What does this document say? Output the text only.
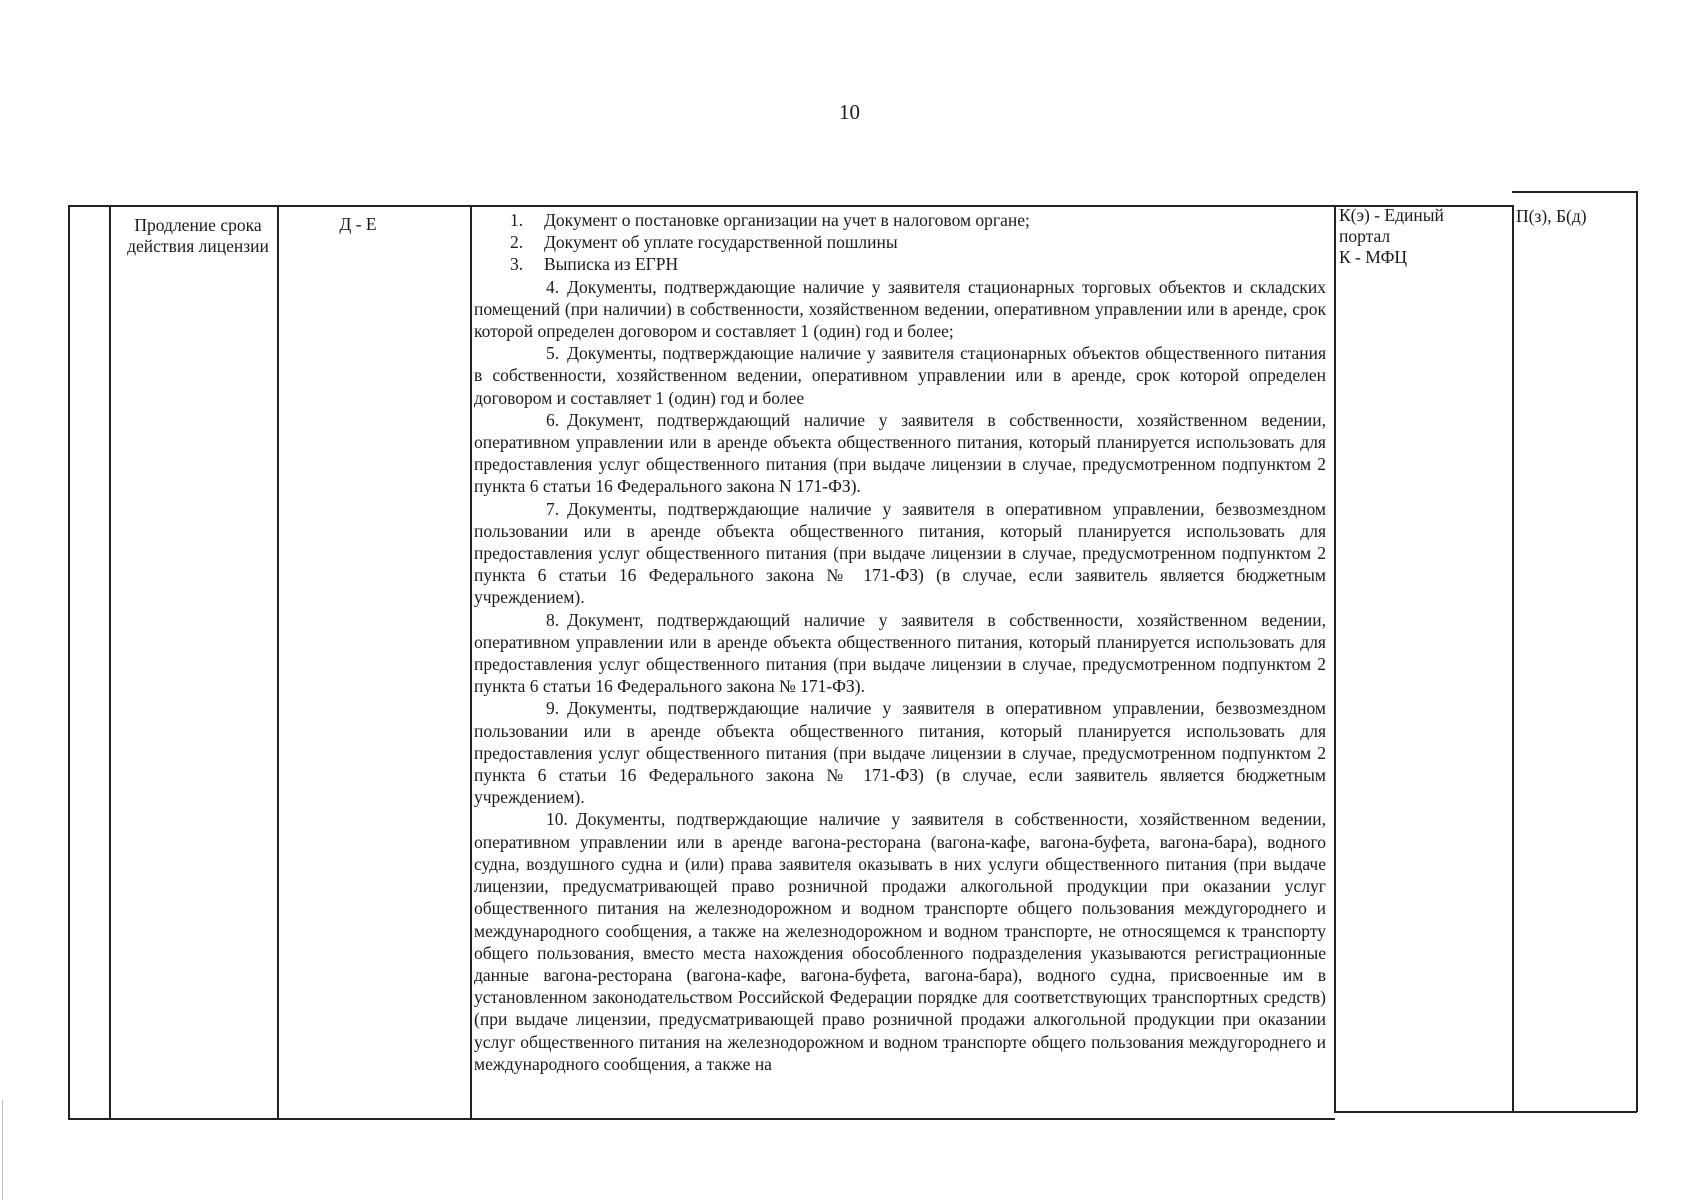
10
Продление срока действия лицензии
Д - Е	1. Документ о постановке организации на учет в налоговом органе;
2. Документ об уплате государственной пошлины
3. Выписка из ЕГРН
4. Документы, подтверждающие наличие у заявителя стационарных торговых объектов и складских помещений (при наличии) в собственности, хозяйственном ведении, оперативном управлении или в аренде, срок которой определен договором и составляет 1 (один) год и более;
5. Документы, подтверждающие наличие у заявителя стационарных объектов общественного питания в собственности, хозяйственном ведении, оперативном управлении или в аренде, срок которой определен договором и составляет 1 (один) год и более
6. Документ, подтверждающий наличие у заявителя в собственности, хозяйственном ведении, оперативном управлении или в аренде объекта общественного питания, который планируется использовать для предоставления услуг общественного питания (при выдаче лицензии в случае, предусмотренном подпунктом 2 пункта 6 статьи 16 Федерального закона N 171-ФЗ).
7. Документы, подтверждающие наличие у заявителя в оперативном управлении, безвозмездном пользовании или в аренде объекта общественного питания, который планируется использовать для предоставления услуг общественного питания (при выдаче лицензии в случае, предусмотренном подпунктом 2 пункта 6 статьи 16 Федерального закона № 171-ФЗ) (в случае, если заявитель является бюджетным учреждением).
8. Документ, подтверждающий наличие у заявителя в собственности, хозяйственном ведении, оперативном управлении или в аренде объекта общественного питания, который планируется использовать для предоставления услуг общественного питания (при выдаче лицензии в случае, предусмотренном подпунктом 2 пункта 6 статьи 16 Федерального закона № 171-ФЗ).
9. Документы, подтверждающие наличие у заявителя в оперативном управлении, безвозмездном пользовании или в аренде объекта общественного питания, который планируется использовать для предоставления услуг общественного питания (при выдаче лицензии в случае, предусмотренном подпунктом 2 пункта 6 статьи 16 Федерального закона № 171-ФЗ) (в случае, если заявитель является бюджетным учреждением).
10. Документы, подтверждающие наличие у заявителя в собственности, хозяйственном ведении, оперативном управлении или в аренде вагона-ресторана (вагона-кафе, вагона-буфета, вагона-бара), водного судна, воздушного судна и (или) права заявителя оказывать в них услуги общественного питания (при выдаче лицензии, предусматривающей право розничной продажи алкогольной продукции при оказании услуг общественного питания на железнодорожном и водном транспорте общего пользования междугороднего и международного сообщения, а также на железнодорожном и водном транспорте, не относящемся к транспорту общего пользования, вместо места нахождения обособленного подразделения указываются регистрационные данные вагона-ресторана (вагона-кафе, вагона-буфета, вагона-бара), водного судна, присвоенные им в установленном законодательством Российской Федерации порядке для соответствующих транспортных средств) (при выдаче лицензии, предусматривающей право розничной продажи алкогольной продукции при оказании услуг общественного питания на железнодорожном и водном транспорте общего пользования междугороднего и международного сообщения, а также на
К(э) - Единый
портал
К - МФЦ
П(з), Б(д)
